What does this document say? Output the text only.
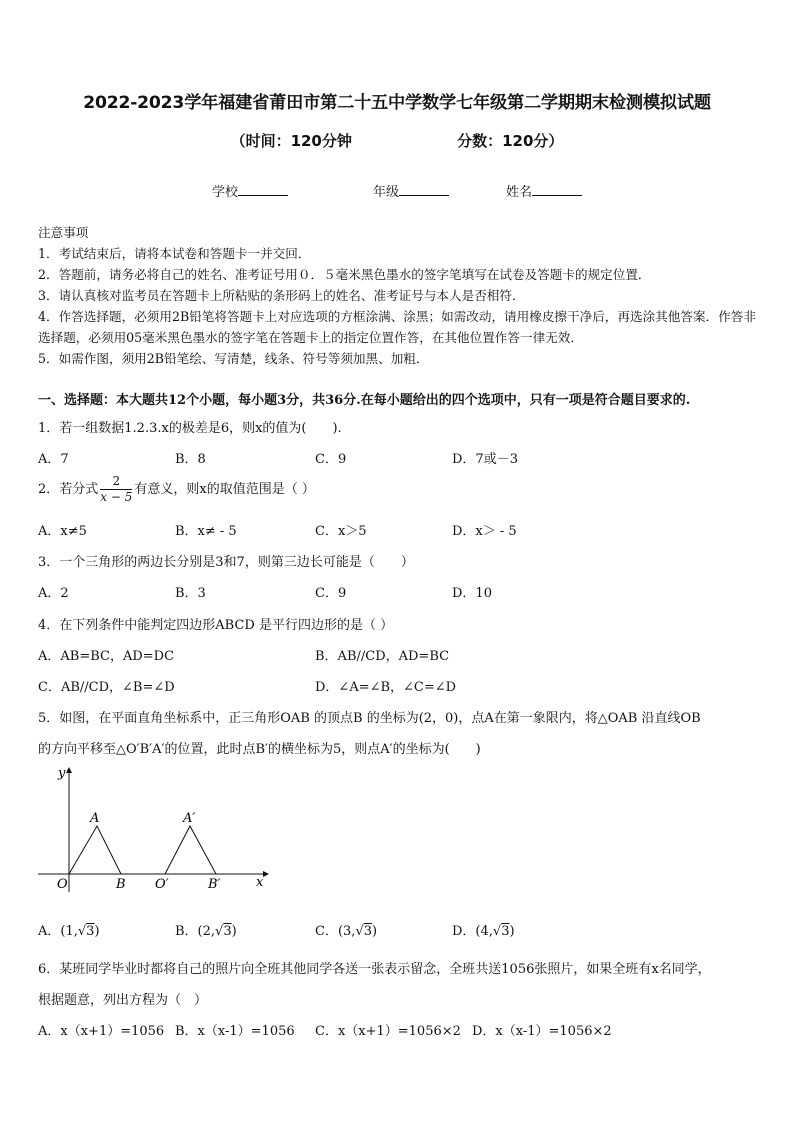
2022-2023学年福建省莆田市第二十五中学数学七年级第二学期期末检测模拟试题
（时间：120分钟	分数：120分）
学校	年级	姓名
注意事项
1．考试结束后，请将本试卷和答题卡一并交回．
2．答题前，请务必将自己的姓名、准考证号用０．５毫米黑色墨水的签字笔填写在试卷及答题卡的规定位置．
3．请认真核对监考员在答题卡上所粘贴的条形码上的姓名、准考证号与本人是否相符．
4．作答选择题，必须用2B铅笔将答题卡上对应选项的方框涂满、涂黑；如需改动，请用橡皮擦干净后，再选涂其他答案．作答非选择题，必须用05毫米黑色墨水的签字笔在答题卡上的指定位置作答，在其他位置作答一律无效．
5．如需作图，须用2B铅笔绘、写清楚，线条、符号等须加黑、加粗．
一、选择题：本大题共12个小题，每小题3分，共36分.在每小题给出的四个选项中，只有一项是符合题目要求的.
1．若一组数据1.2.3.x的极差是6，则x的值为(　　).
A．7	B．8	C．9	D．7或－3
2．若分式 $\frac{2}{x - 5}$ 有意义，则x的取值范围是（ ）
A．x≠5	B．x≠ - 5	C．x＞5	D．x＞ - 5
3．一个三角形的两边长分别是3和7，则第三边长可能是（　　）
A．2	B．3	C．9	D．10
4．在下列条件中能判定四边形ABCD 是平行四边形的是（ ）
A．AB=BC，AD=DC	B．AB//CD，AD=BC
C．AB//CD，∠B=∠D	D．∠A=∠B，∠C=∠D
5．如图，在平面直角坐标系中，正三角形OAB 的顶点B 的坐标为(2，0)，点A在第一象限内，将△OAB 沿直线OB
的方向平移至△O′B′A′的位置，此时点B′的横坐标为5，则点A′的坐标为(　　)
y
x
O
A
B O′
A′
B′
A．(1,√3)	B．(2,√3)	C．(3,√3)	D．(4,√3)
6．某班同学毕业时都将自己的照片向全班其他同学各送一张表示留念，全班共送1056张照片，如果全班有x名同学，
根据题意，列出方程为（　）
A．x（x+1）=1056 B．x（x-1）=1056 C．x（x+1）=1056×2 D．x（x-1）=1056×2
